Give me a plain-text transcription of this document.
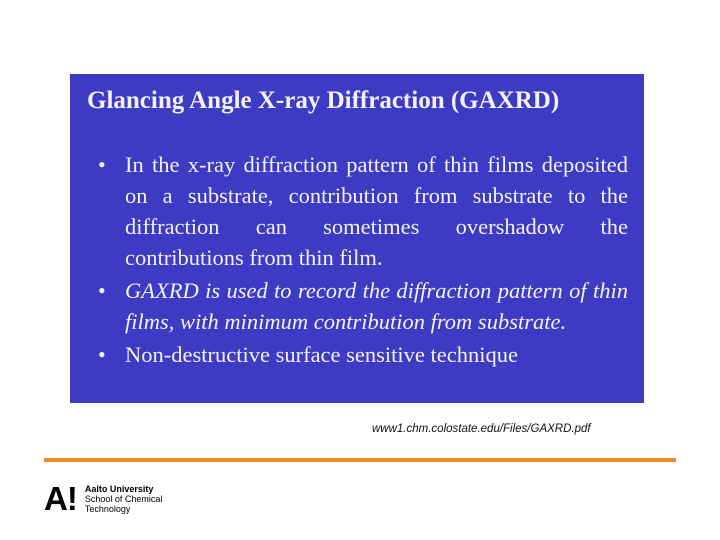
Glancing Angle X-ray Diffraction (GAXRD)
• In the x-ray diffraction pattern of thin films deposited on a substrate, contribution from substrate to the diffraction can sometimes overshadow the contributions from thin film.
• GAXRD is used to record the diffraction pattern of thin films, with minimum contribution from substrate.
• Non-destructive surface sensitive technique
www1.chm.colostate.edu/Files/GAXRD.pdf
A! Aalto University
School of Chemical
Technology
